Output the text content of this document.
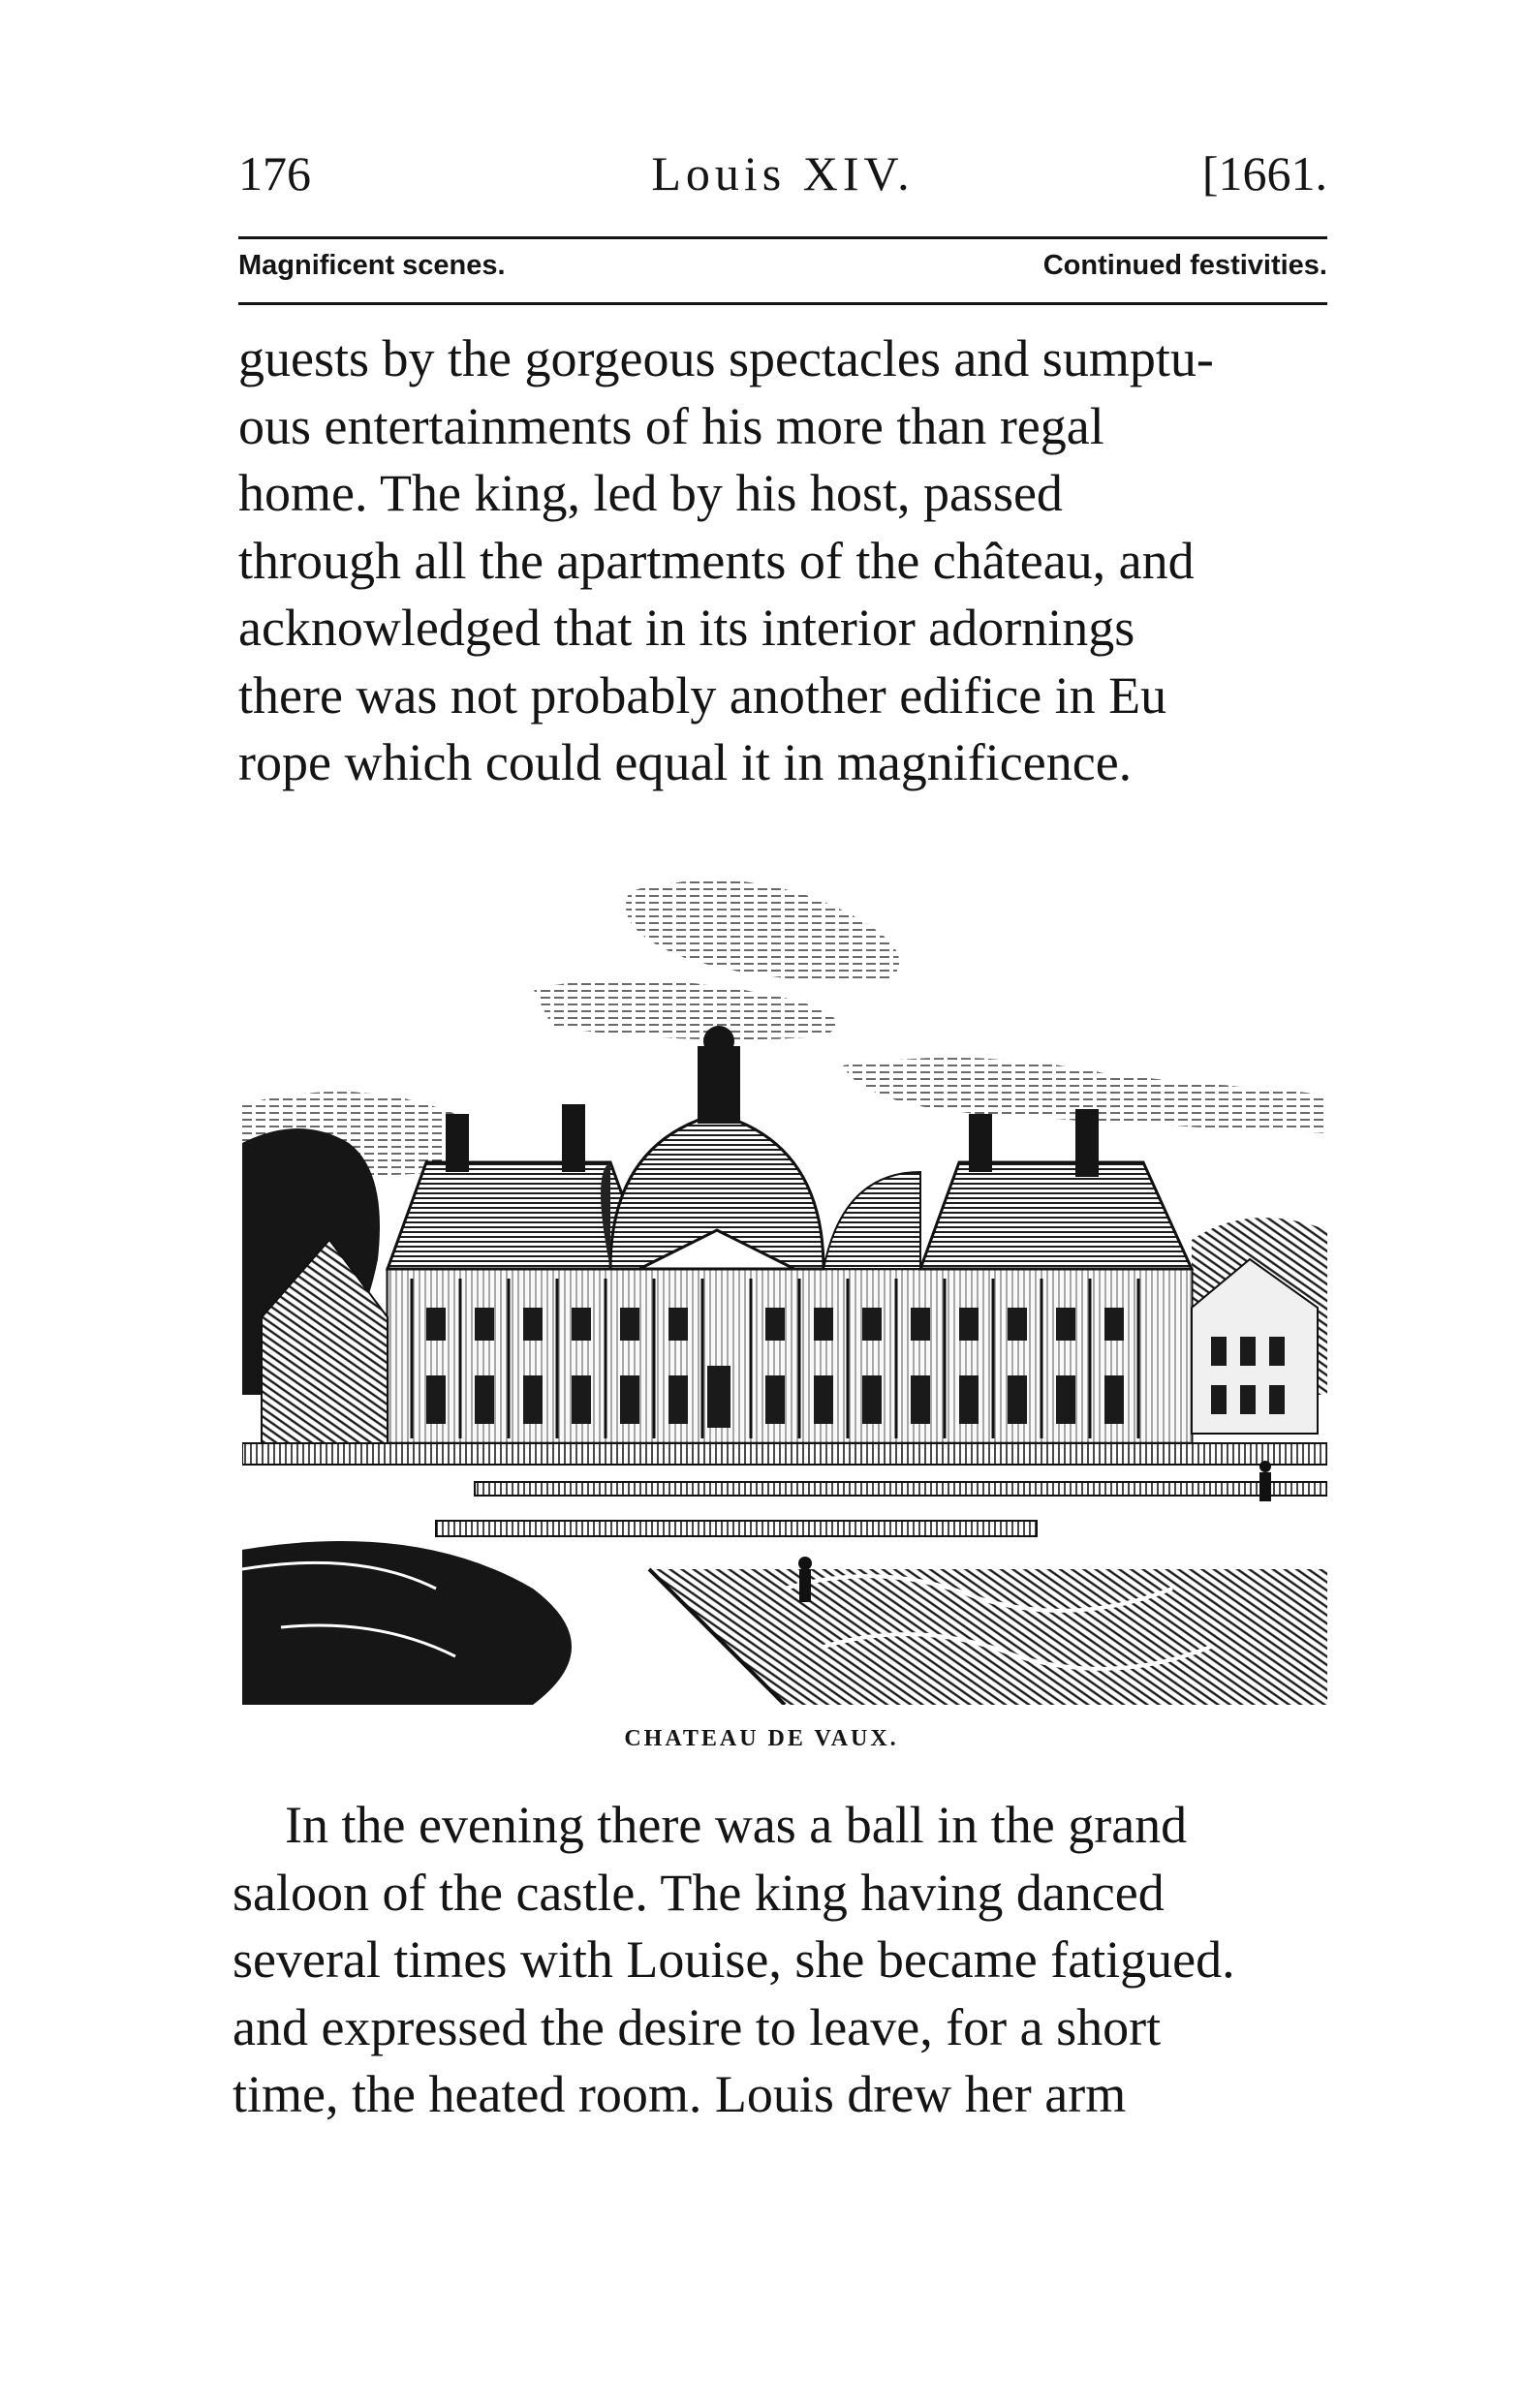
176	Louis XIV.	[1661.
Magnificent scenes.	Continued festivities.
guests by the gorgeous spectacles and sumptu-
ous entertainments of his more than regal
home. The king, led by his host, passed
through all the apartments of the château, and
acknowledged that in its interior adornings
there was not probably another edifice in Eu
rope which could equal it in magnificence.
CHATEAU DE VAUX.
In the evening there was a ball in the grand
saloon of the castle. The king having danced
several times with Louise, she became fatigued.
and expressed the desire to leave, for a short
time, the heated room. Louis drew her arm
